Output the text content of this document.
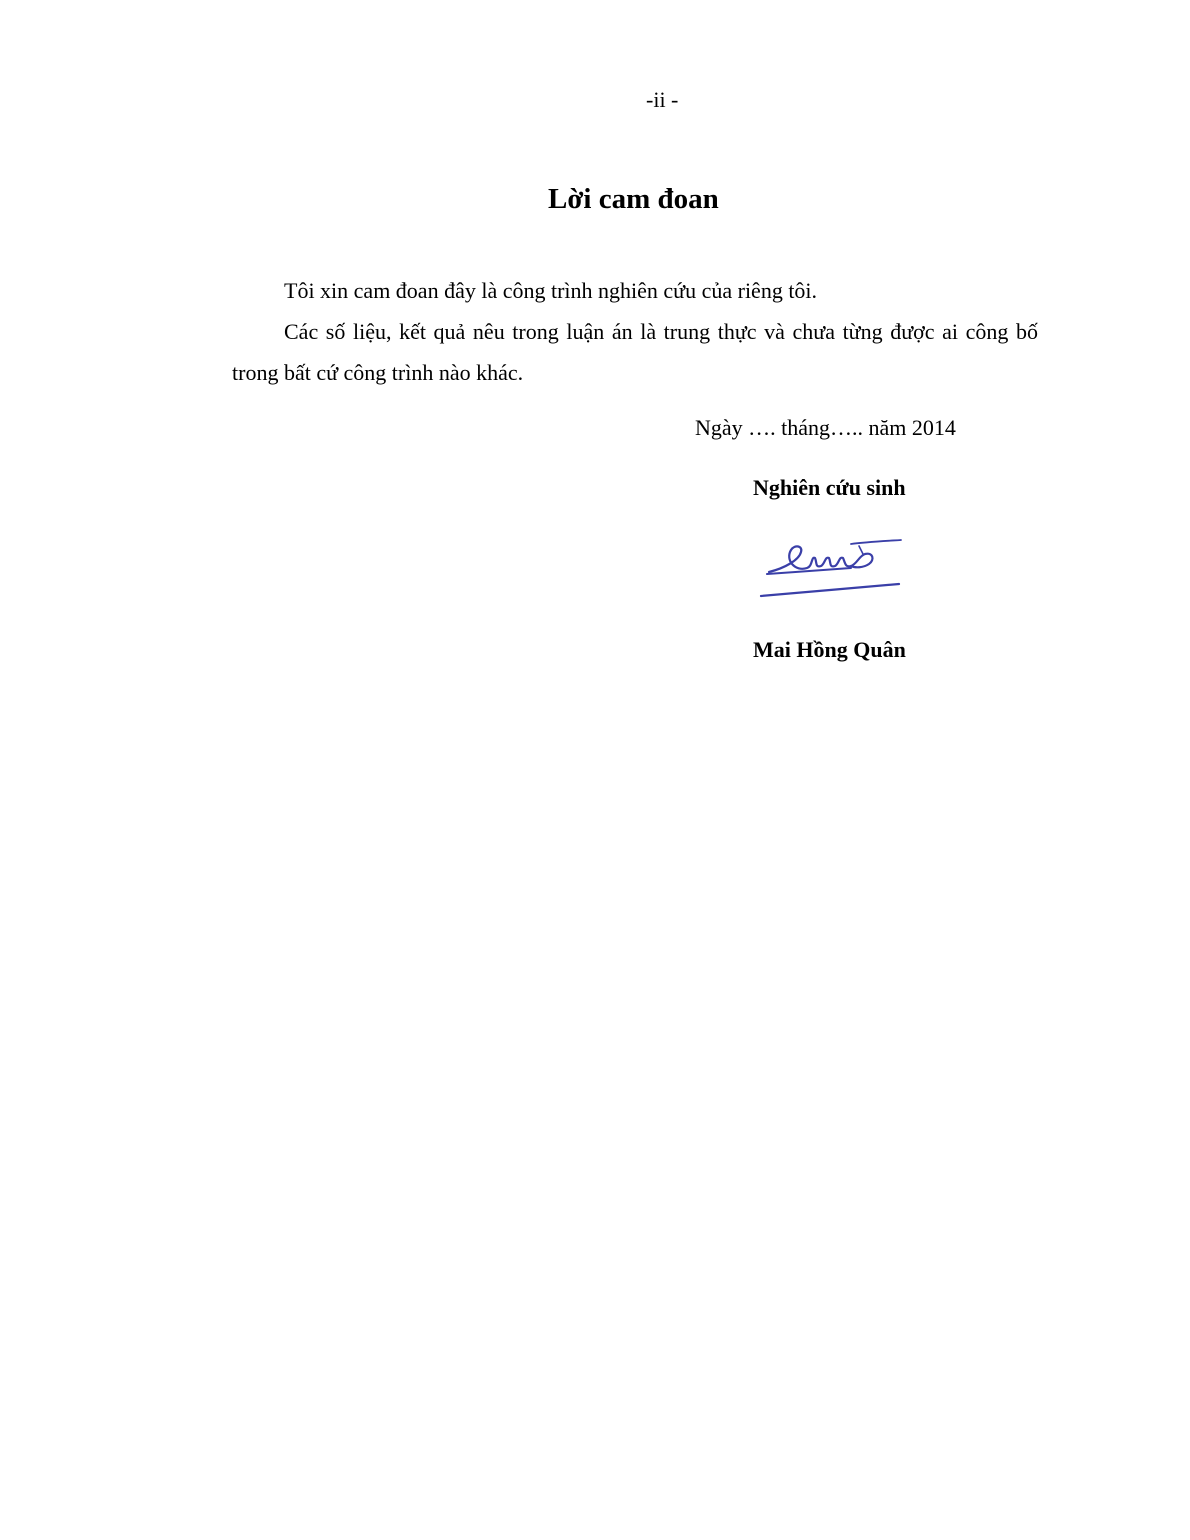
-ii -
Lời cam đoan

Tôi xin cam đoan đây là công trình nghiên cứu của riêng tôi.

Các số liệu, kết quả nêu trong luận án là trung thực và chưa từng được ai công bố trong bất cứ công trình nào khác.

Ngày …. tháng….. năm 2014
Nghiên cứu sinh
Mai Hồng Quân
